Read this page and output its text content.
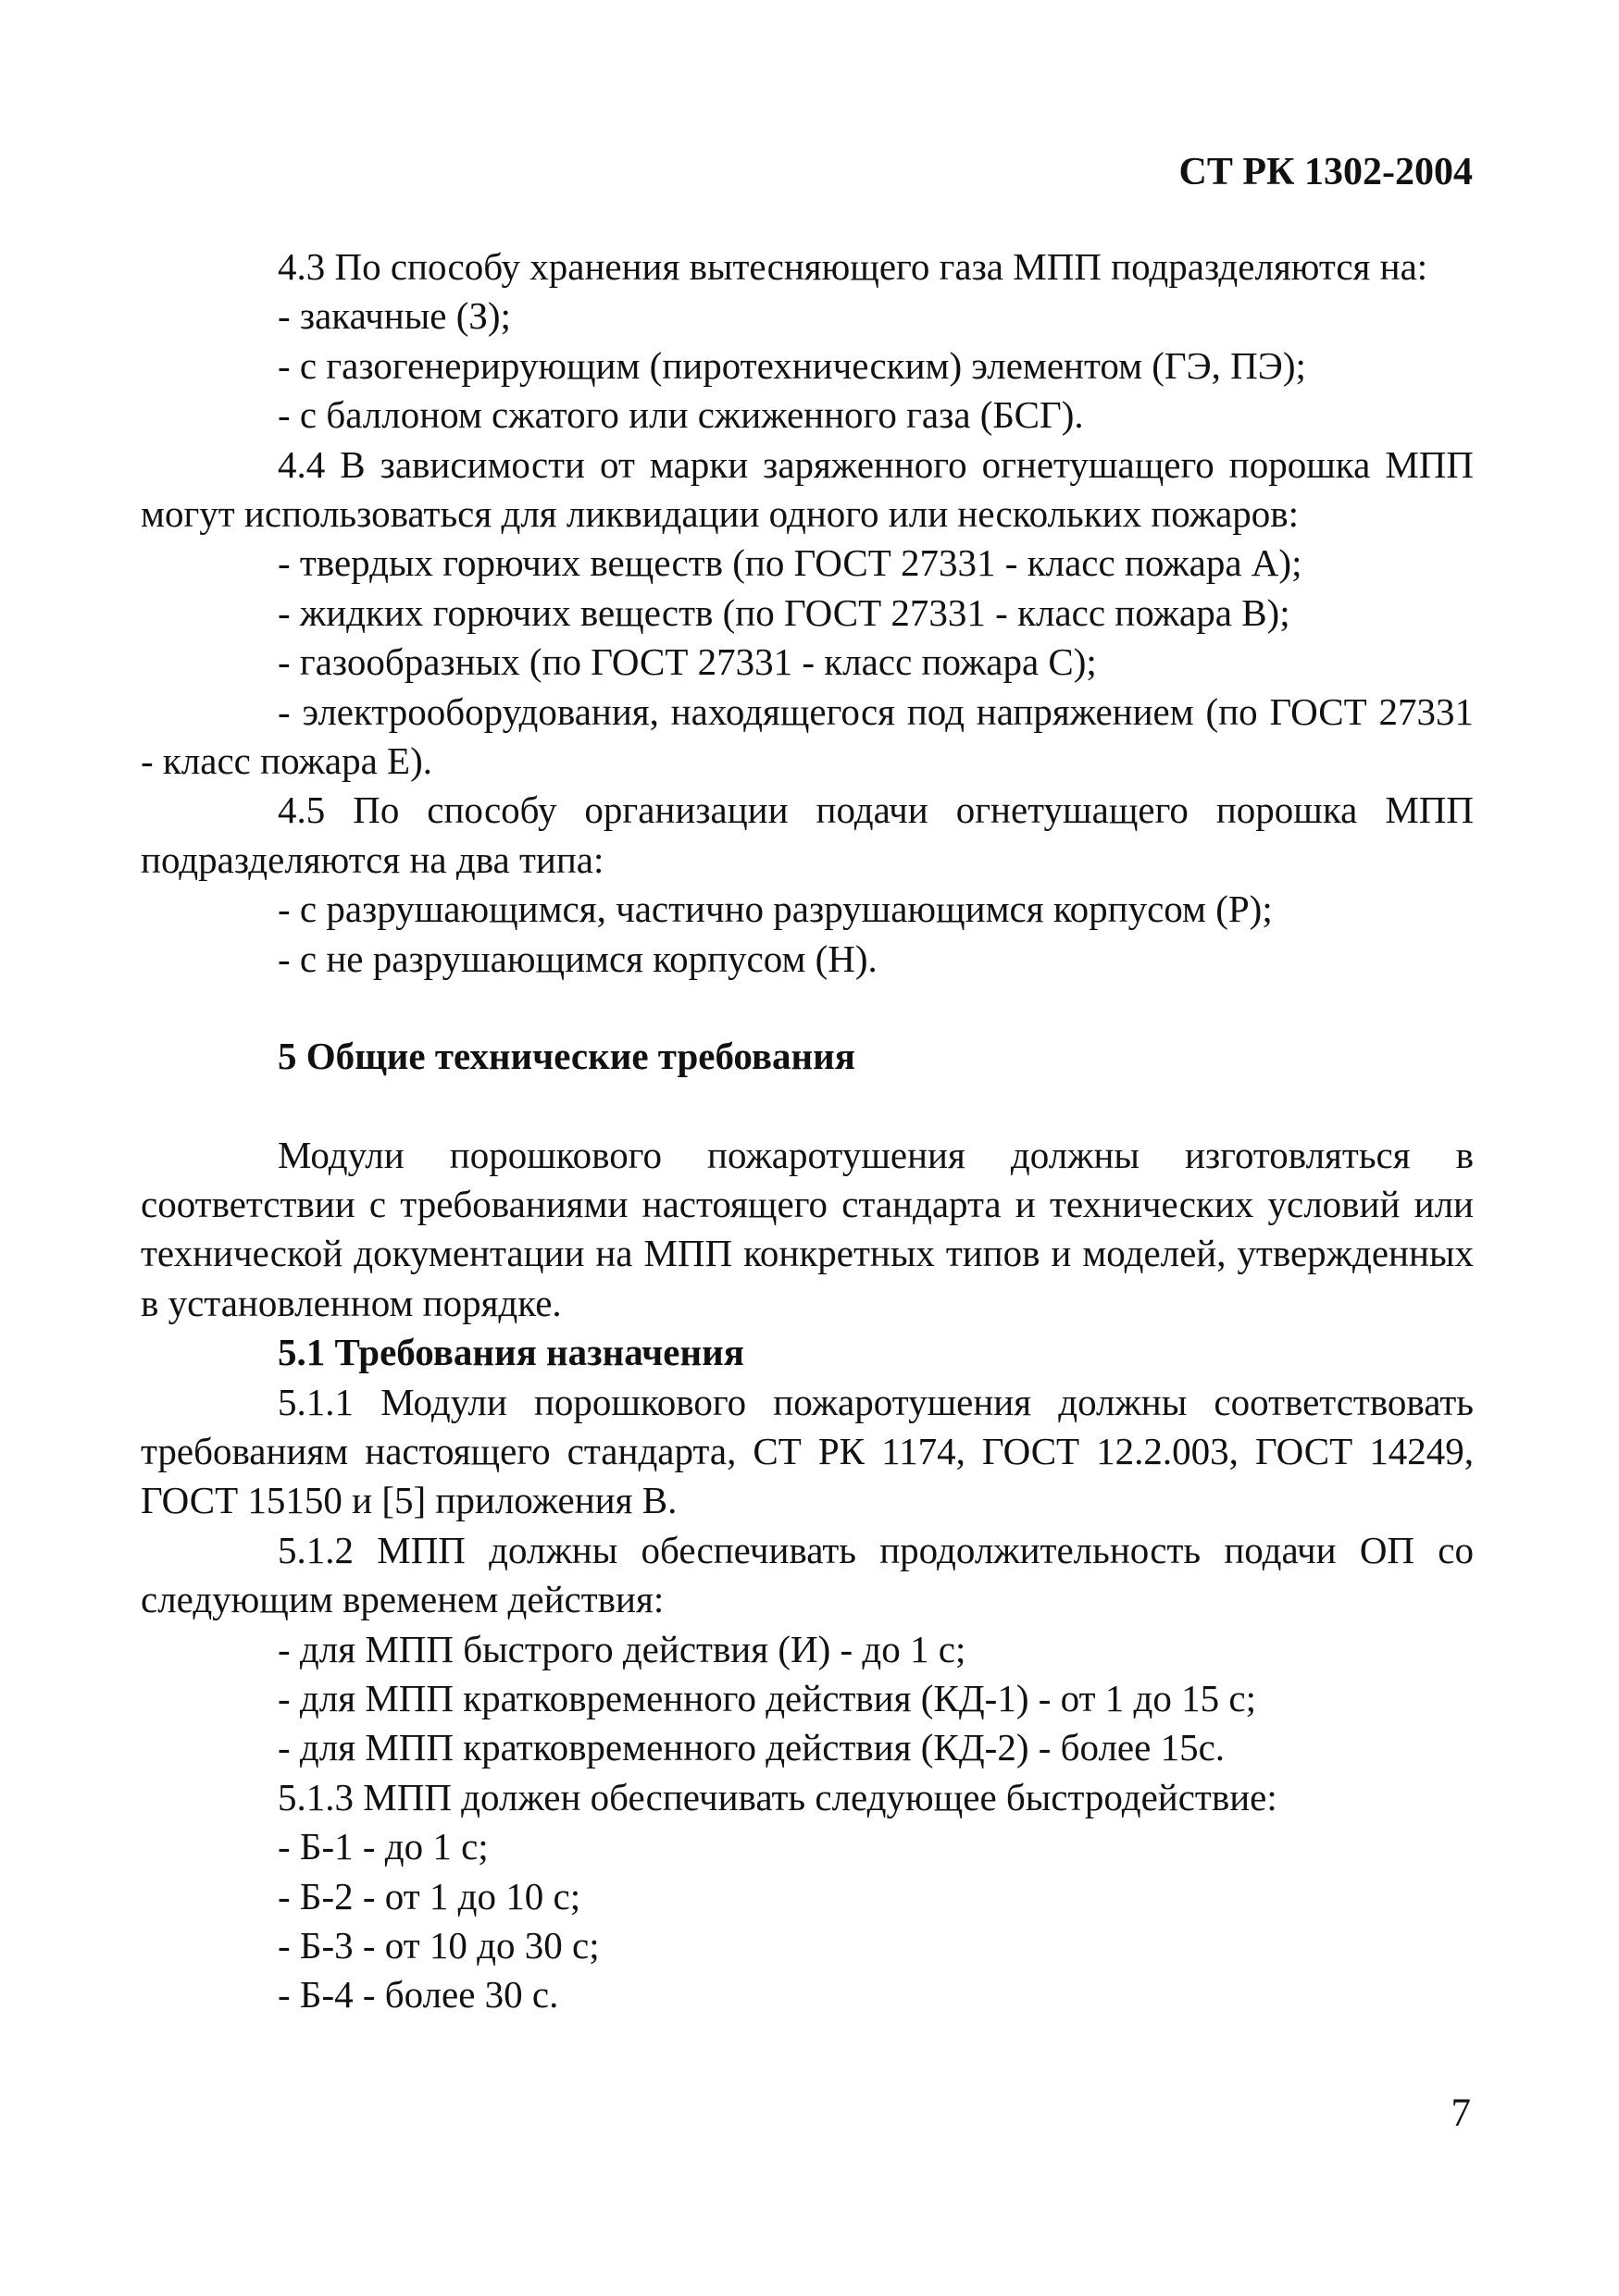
СТ РК 1302-2004

4.3 По способу хранения вытесняющего газа МПП подразделяются на:

- закачные (З);

- с газогенерирующим (пиротехническим) элементом (ГЭ, ПЭ);

- с баллоном сжатого или сжиженного газа (БСГ).

4.4 В зависимости от марки заряженного огнетушащего порошка МПП могут использоваться для ликвидации одного или нескольких пожаров:

- твердых горючих веществ (по ГОСТ 27331 - класс пожара А);

- жидких горючих веществ (по ГОСТ 27331 - класс пожара В);

- газообразных (по ГОСТ 27331 - класс пожара С);

- электрооборудования, находящегося под напряжением (по ГОСТ 27331 - класс пожара Е).

4.5 По способу организации подачи огнетушащего порошка МПП подразделяются на два типа:

- с разрушающимся, частично разрушающимся корпусом (Р);

- с не разрушающимся корпусом (Н).

5 Общие технические требования

Модули порошкового пожаротушения должны изготовляться в соответствии с требованиями настоящего стандарта и технических условий или технической документации на МПП конкретных типов и моделей, утвержденных в установленном порядке.

5.1 Требования назначения

5.1.1 Модули порошкового пожаротушения должны соответствовать требованиям настоящего стандарта, СТ РК 1174, ГОСТ 12.2.003, ГОСТ 14249, ГОСТ 15150 и [5] приложения В.

5.1.2 МПП должны обеспечивать продолжительность подачи ОП со следующим временем действия:

- для МПП быстрого действия (И) - до 1 с;

- для МПП кратковременного действия (КД-1) - от 1 до 15 с;

- для МПП кратковременного действия (КД-2) - более 15с.

5.1.3 МПП должен обеспечивать следующее быстродействие:

- Б-1 - до 1 с;

- Б-2 - от 1 до 10 с;

- Б-3 - от 10 до 30 с;

- Б-4 - более 30 с.

7
